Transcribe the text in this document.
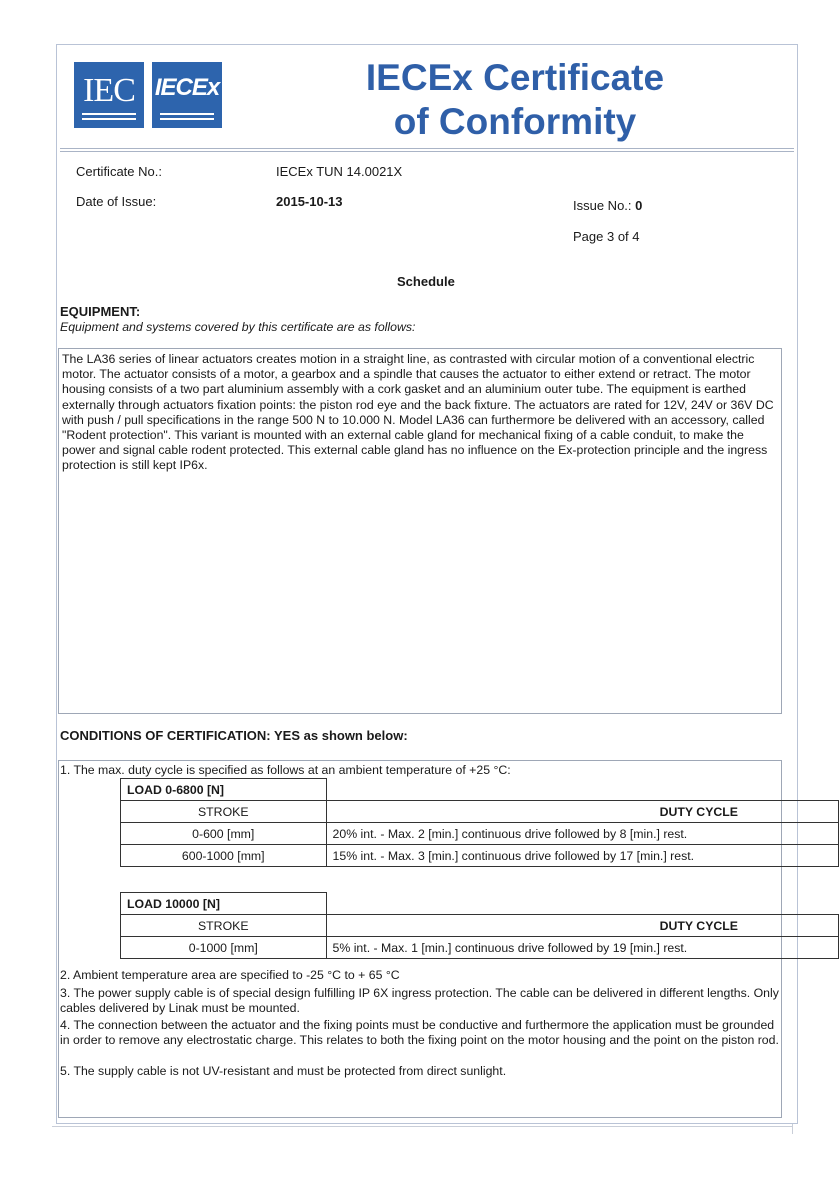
IEC IECEx	IECEx Certificate
of Conformity
Certificate No.:	IECEx TUN 14.0021X
Date of Issue:	2015-10-13	Issue No.: 0
Page 3 of 4
Schedule
EQUIPMENT:
Equipment and systems covered by this certificate are as follows:

The LA36 series of linear actuators creates motion in a straight line, as contrasted with circular motion of a conventional electric motor. The actuator consists of a motor, a gearbox and a spindle that causes the actuator to either extend or retract. The motor housing consists of a two part aluminium assembly with a cork gasket and an aluminium outer tube. The equipment is earthed externally through actuators fixation points: the piston rod eye and the back fixture. The actuators are rated for 12V, 24V or 36V DC with push / pull specifications in the range 500 N to 10.000 N. Model LA36 can furthermore be delivered with an accessory, called "Rodent protection". This variant is mounted with an external cable gland for mechanical fixing of a cable conduit, to make the power and signal cable rodent protected. This external cable gland has no influence on the Ex-protection principle and the ingress protection is still kept IP6x.

CONDITIONS OF CERTIFICATION: YES as shown below:

1. The max. duty cycle is specified as follows at an ambient temperature of +25 °C:

LOAD 0-6800 [N]	
STROKE	DUTY CYCLE
0-600 [mm]	20% int. - Max. 2 [min.] continuous drive followed by 8 [min.] rest.
600-1000 [mm]	15% int. - Max. 3 [min.] continuous drive followed by 17 [min.] rest.
LOAD 10000 [N]	
STROKE	DUTY CYCLE
0-1000 [mm]	5% int. - Max. 1 [min.] continuous drive followed by 19 [min.] rest.

2. Ambient temperature area are specified to -25 °C to + 65 °C

3. The power supply cable is of special design fulfilling IP 6X ingress protection. The cable can be delivered in different lengths. Only cables delivered by Linak must be mounted.

4. The connection between the actuator and the fixing points must be conductive and furthermore the application must be grounded in order to remove any electrostatic charge. This relates to both the fixing point on the motor housing and the point on the piston rod.

5. The supply cable is not UV-resistant and must be protected from direct sunlight.
